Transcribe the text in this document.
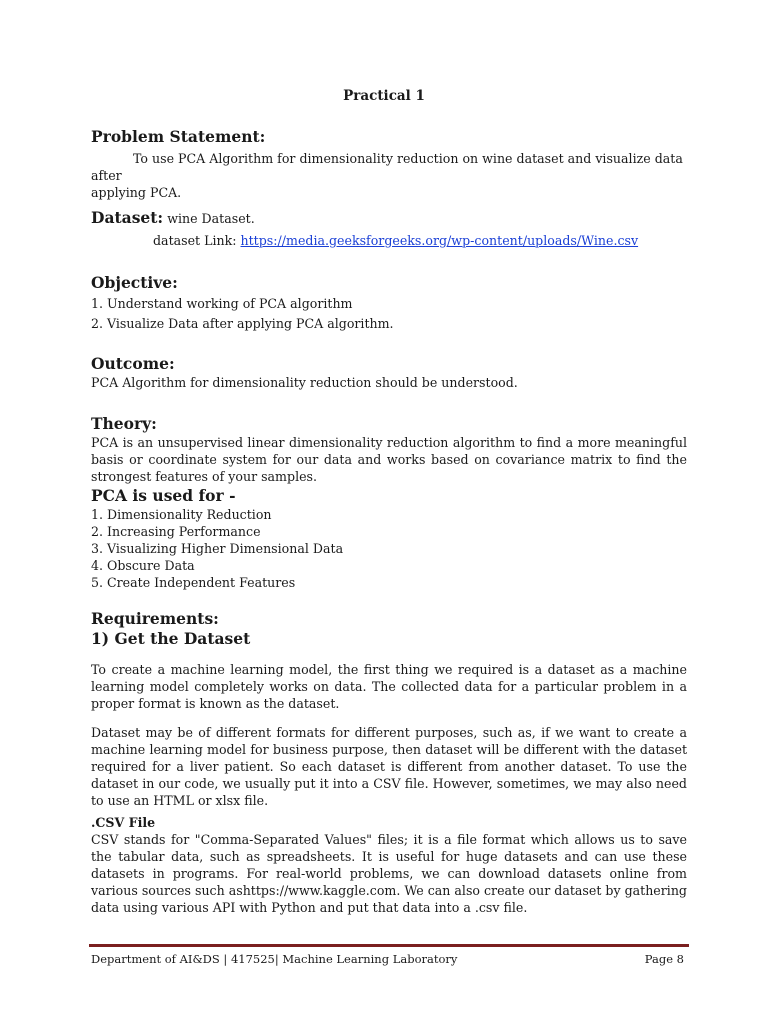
Practical 1
Problem Statement:
To use PCA Algorithm for dimensionality reduction on wine dataset and visualize data after
applying PCA.
Dataset: wine Dataset.
dataset Link: https://media.geeksforgeeks.org/wp-content/uploads/Wine.csv
Objective:
1. Understand working of PCA algorithm
2. Visualize Data after applying PCA algorithm.
Outcome:
PCA Algorithm for dimensionality reduction should be understood.
Theory:
PCA is an unsupervised linear dimensionality reduction algorithm to find a more meaningful basis or coordinate system for our data and works based on covariance matrix to find the strongest features of your samples.
PCA is used for -
1. Dimensionality Reduction
2. Increasing Performance
3. Visualizing Higher Dimensional Data
4. Obscure Data
5. Create Independent Features
Requirements:
1) Get the Dataset
To create a machine learning model, the first thing we required is a dataset as a machine learning model completely works on data. The collected data for a particular problem in a proper format is known as the dataset.
Dataset may be of different formats for different purposes, such as, if we want to create a machine learning model for business purpose, then dataset will be different with the dataset required for a liver patient. So each dataset is different from another dataset. To use the dataset in our code, we usually put it into a CSV file. However, sometimes, we may also need to use an HTML or xlsx file.
.CSV File
CSV stands for "Comma-Separated Values" files; it is a file format which allows us to save the tabular data, such as spreadsheets. It is useful for huge datasets and can use these datasets in programs. For real-world problems, we can download datasets online from various sources such ashttps://www.kaggle.com. We can also create our dataset by gathering data using various API with Python and put that data into a .csv file.
Department of AI&DS | 417525| Machine Learning Laboratory	Page 8
